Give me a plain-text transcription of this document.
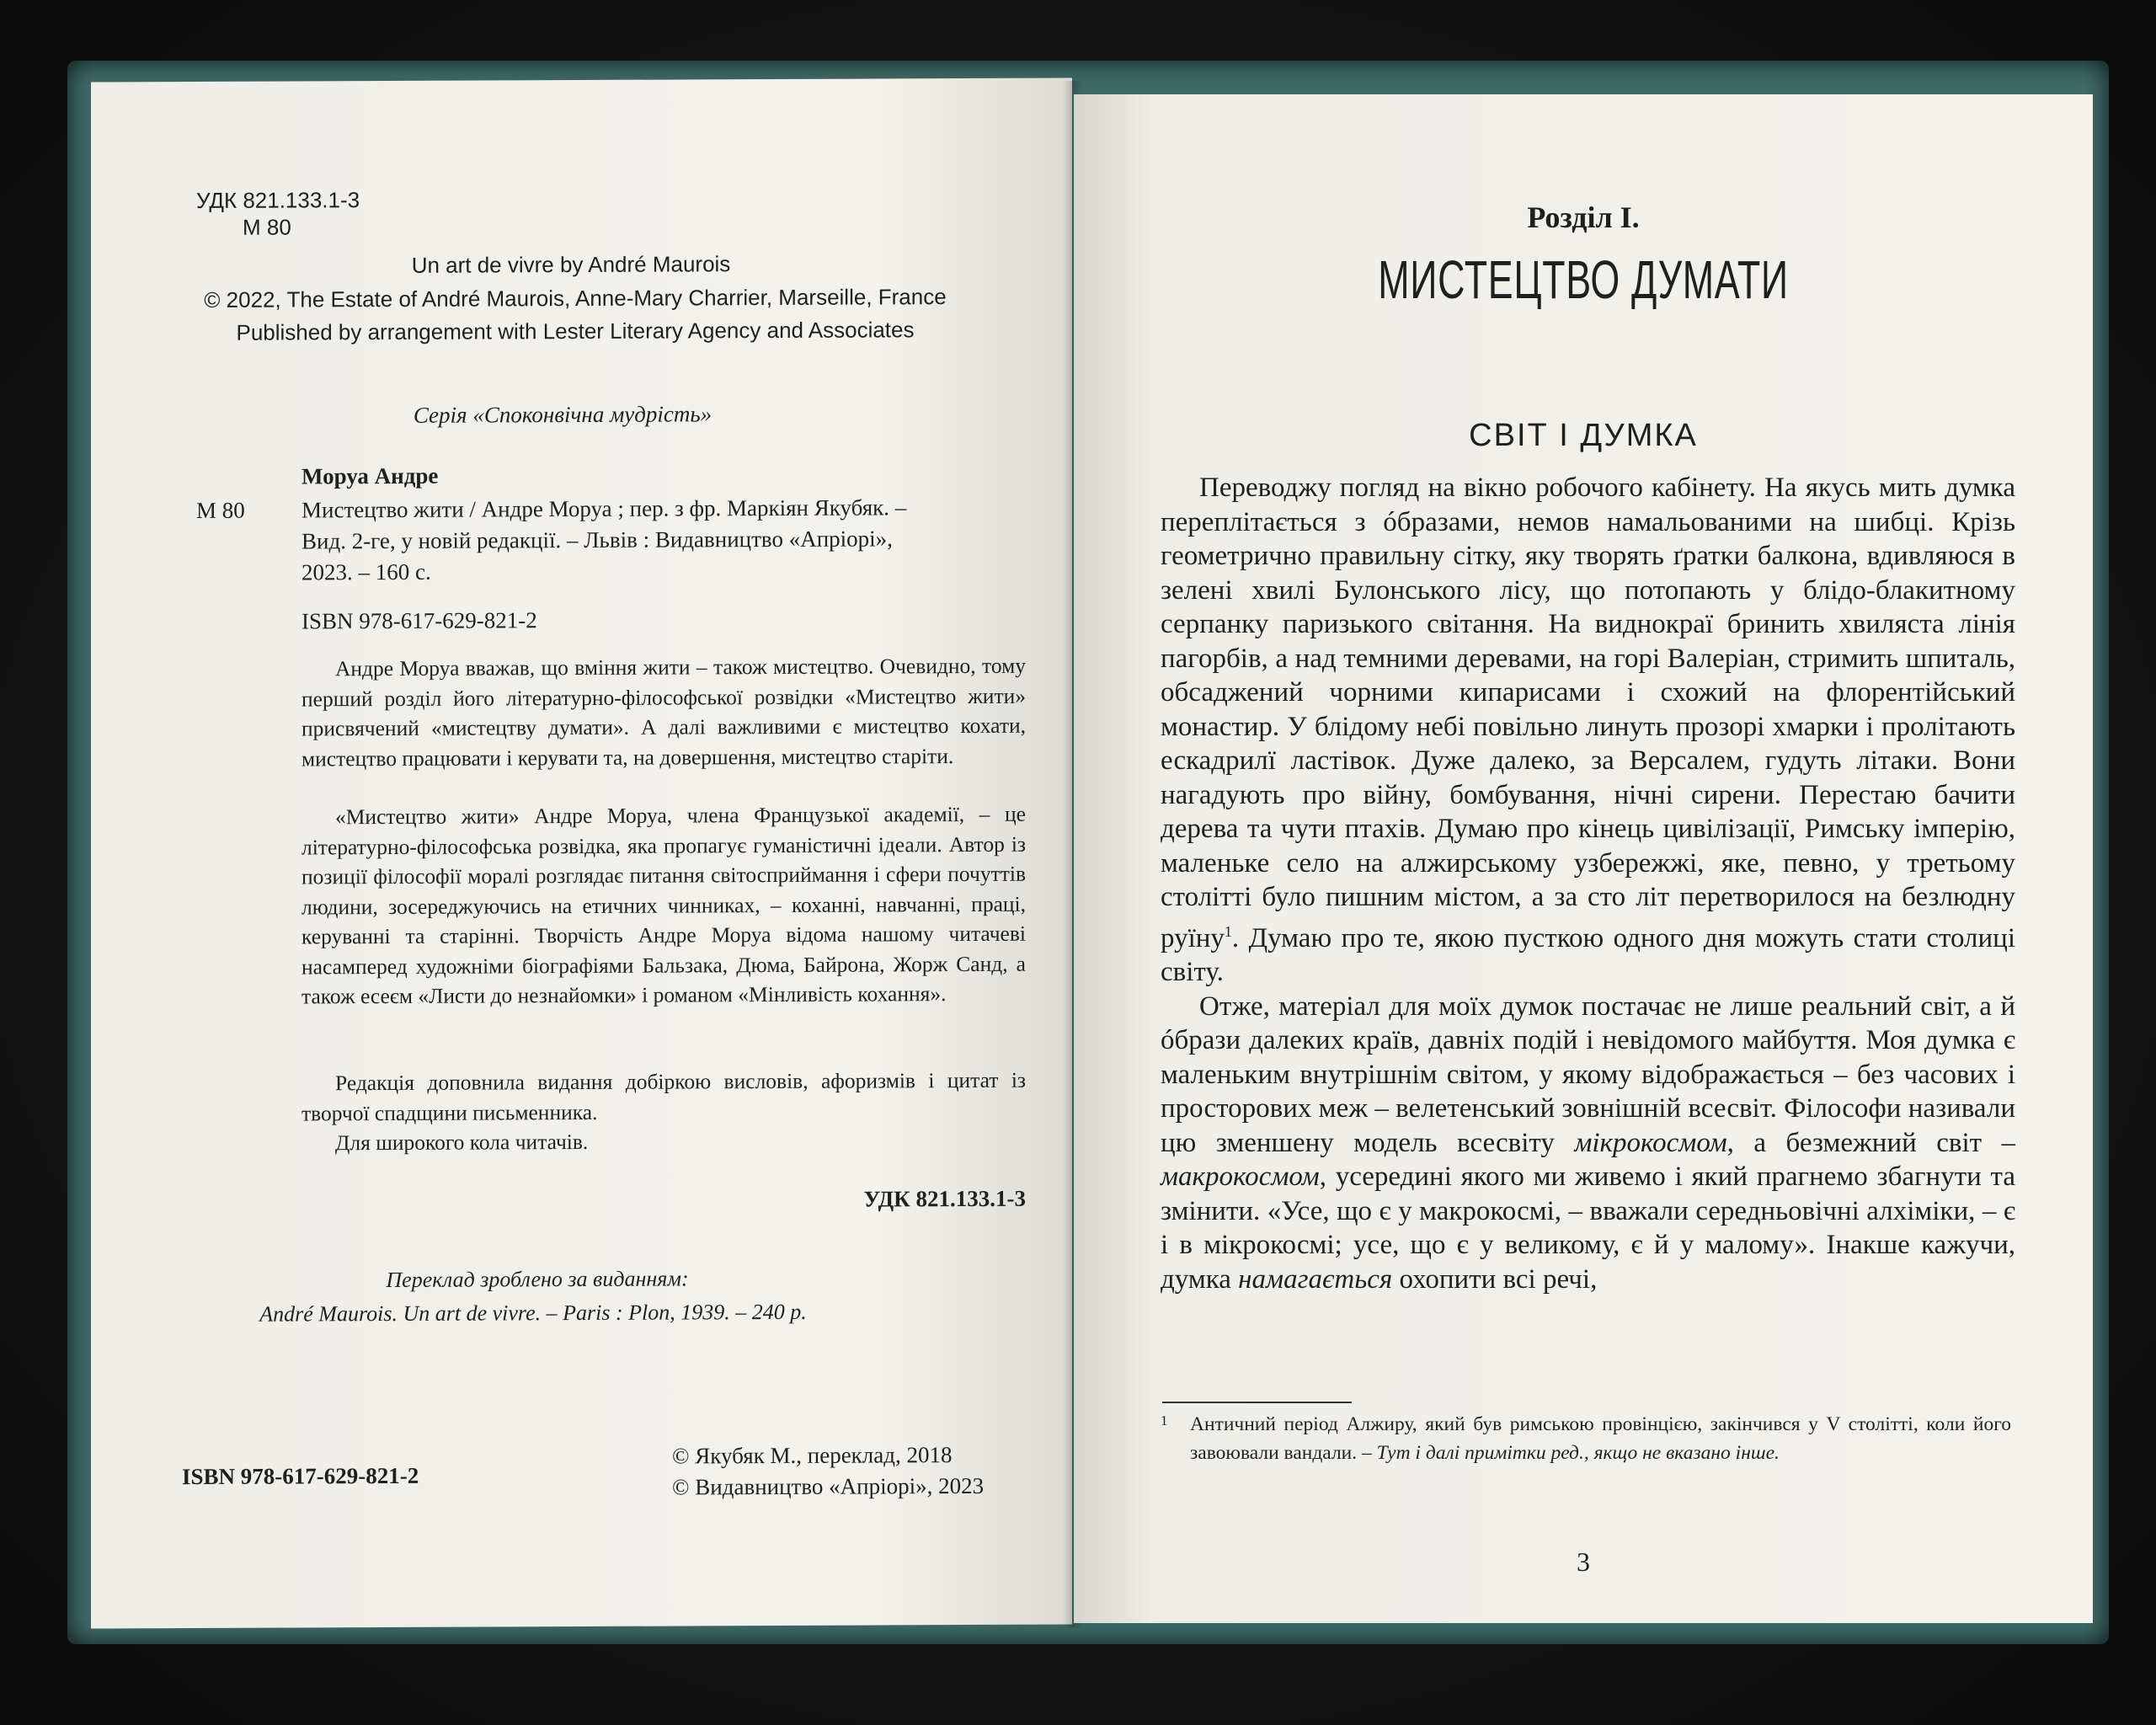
УДК 821.133.1-3
М 80
Un art de vivre by André Maurois
© 2022, The Estate of André Maurois, Anne-Mary Charrier, Marseille, France
Published by arrangement with Lester Literary Agency and Associates
Серія «Споконвічна мудрість»
Моруа Андре
М 80 Мистецтво жити / Андре Моруа ; пер. з фр. Маркіян Якубяк. –
Вид. 2-ге, у новій редакції. – Львів : Видавництво «Апріорі»,
2023. – 160 с.
ISBN 978-617-629-821-2
Андре Моруа вважав, що вміння жити – також мистецтво. Очевидно, тому перший розділ його літературно-філософської розвідки «Мистецтво жити» присвячений «мистецтву думати». А далі важливими є мистецтво кохати, мистецтво працювати і керувати та, на довершення, мистецтво старіти.
«Мистецтво жити» Андре Моруа, члена Французької академії, – це літературно-філософська розвідка, яка пропагує гуманістичні ідеали. Автор із позиції філософії моралі розглядає питання світосприймання і сфери почуттів людини, зосереджуючись на етичних чинниках, – коханні, навчанні, праці, керуванні та старінні. Творчість Андре Моруа відома нашому читачеві насамперед художніми біографіями Бальзака, Дюма, Байрона, Жорж Санд, а також есеєм «Листи до незнайомки» і романом «Мінливість кохання».
Редакція доповнила видання добіркою висловів, афоризмів і цитат із творчої спадщини письменника.
Для широкого кола читачів.
УДК 821.133.1-3
Переклад зроблено за виданням:
André Maurois. Un art de vivre. – Paris : Plon, 1939. – 240 p.
ISBN 978-617-629-821-2
© Якубяк М., переклад, 2018
© Видавництво «Апріорі», 2023
Розділ I.
МИСТЕЦТВО ДУМАТИ
СВІТ І ДУМКА

Переводжу погляд на вікно робочого кабінету. На якусь мить думка переплітається з óбразами, немов намальованими на шибці. Крізь геометрично правильну сітку, яку творять ґратки балкона, вдивляюся в зелені хвилі Булонського лісу, що потопають у блідо-блакитному серпанку паризького світання. На виднокраї бринить хвиляста лінія пагорбів, а над темними деревами, на горі Валеріан, стримить шпиталь, обсаджений чорними кипарисами і схожий на флорентійський монастир. У блідому небі повільно линуть прозорі хмарки і пролітають ескадрилї ластівок. Дуже далеко, за Версалем, гудуть літаки. Вони нагадують про війну, бомбування, нічні сирени. Перестаю бачити дерева та чути птахів. Думаю про кінець цивілізації, Римську імперію, маленьке село на алжирському узбережжі, яке, певно, у третьому столітті було пишним містом, а за сто літ перетворилося на безлюдну руїну$^1$. Думаю про те, якою пусткою одного дня можуть стати столиці світу.

Отже, матеріал для моїх думок постачає не лише реальний світ, а й óбрази далеких країв, давніх подій і невідомого майбуття. Моя думка є маленьким внутрішнім світом, у якому відображається – без часових і просторових меж – велетенський зовнішній всесвіт. Філософи називали цю зменшену модель всесвіту мікрокосмом, а безмежний світ – макрокосмом, усередині якого ми живемо і який прагнемо збагнути та змінити. «Усе, що є у макрокосмі, – вважали середньовічні алхіміки, – є і в мікрокосмі; усе, що є у великому, є й у малому». Інакше кажучи, думка намагається охопити всі речі,

1 Античний період Алжиру, який був римською провінцією, закінчився у V столітті, коли його завоювали вандали. – Тут і далі примітки ред., якщо не вказано інше.
3
